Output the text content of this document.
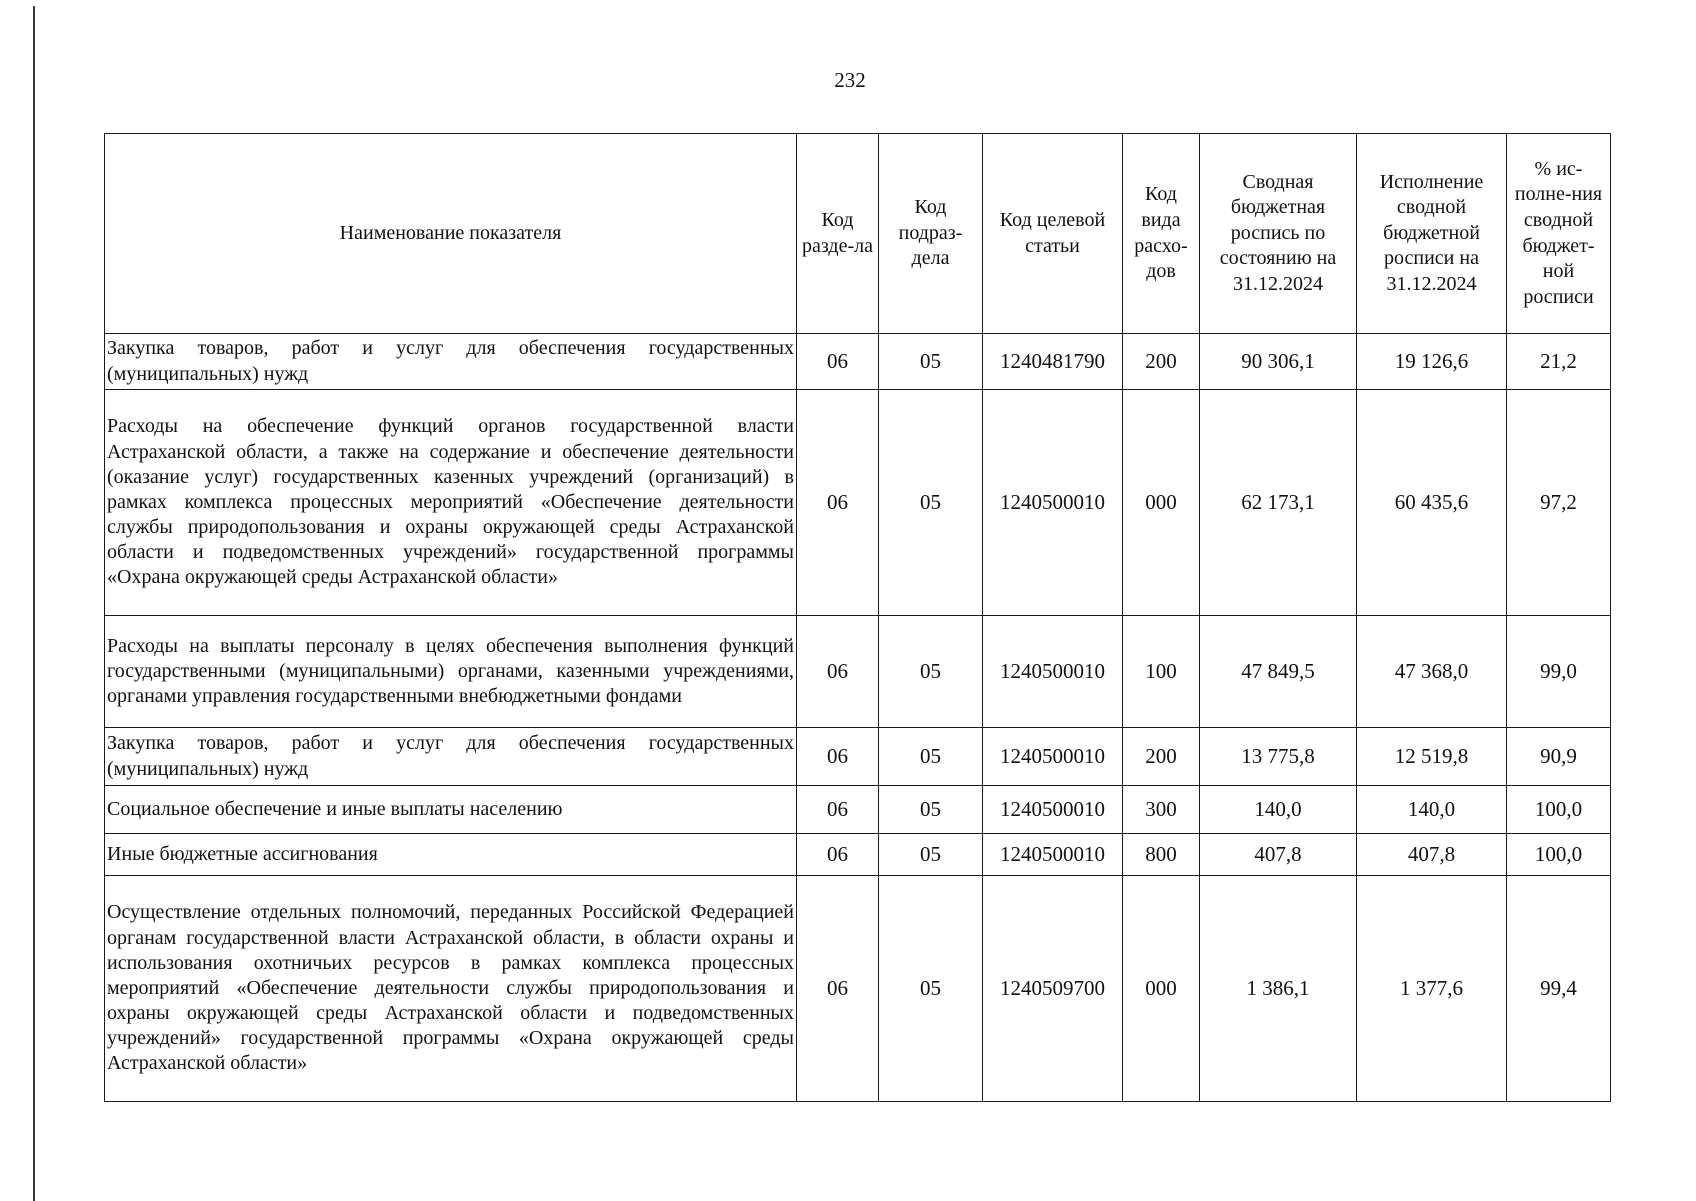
232
Наименование показателя	Код разде-ла	Код подраз-дела	Код целевой статьи	Код вида расхо-дов	Сводная бюджетная роспись по состоянию на 31.12.2024	Исполнение сводной бюджетной росписи на 31.12.2024	% ис-полне-ния сводной бюджет-ной росписи
Закупка товаров, работ и услуг для обеспечения государственных (муниципальных) нужд	06	05	1240481790	200	90 306,1	19 126,6	21,2
Расходы на обеспечение функций органов государственной власти Астраханской области, а также на содержание и обеспечение деятельности (оказание услуг) государственных казенных учреждений (организаций) в рамках комплекса процессных мероприятий «Обеспечение деятельности службы природопользования и охраны окружающей среды Астраханской области и подведомственных учреждений» государственной программы «Охрана окружающей среды Астраханской области»	06	05	1240500010	000	62 173,1	60 435,6	97,2
Расходы на выплаты персоналу в целях обеспечения выполнения функций государственными (муниципальными) органами, казенными учреждениями, органами управления государственными внебюджетными фондами	06	05	1240500010	100	47 849,5	47 368,0	99,0
Закупка товаров, работ и услуг для обеспечения государственных (муниципальных) нужд	06	05	1240500010	200	13 775,8	12 519,8	90,9
Социальное обеспечение и иные выплаты населению	06	05	1240500010	300	140,0	140,0	100,0
Иные бюджетные ассигнования	06	05	1240500010	800	407,8	407,8	100,0
Осуществление отдельных полномочий, переданных Российской Федерацией органам государственной власти Астраханской области, в области охраны и использования охотничьих ресурсов в рамках комплекса процессных мероприятий «Обеспечение деятельности службы природопользования и охраны окружающей среды Астраханской области и подведомственных учреждений» государственной программы «Охрана окружающей среды Астраханской области»	06	05	1240509700	000	1 386,1	1 377,6	99,4
